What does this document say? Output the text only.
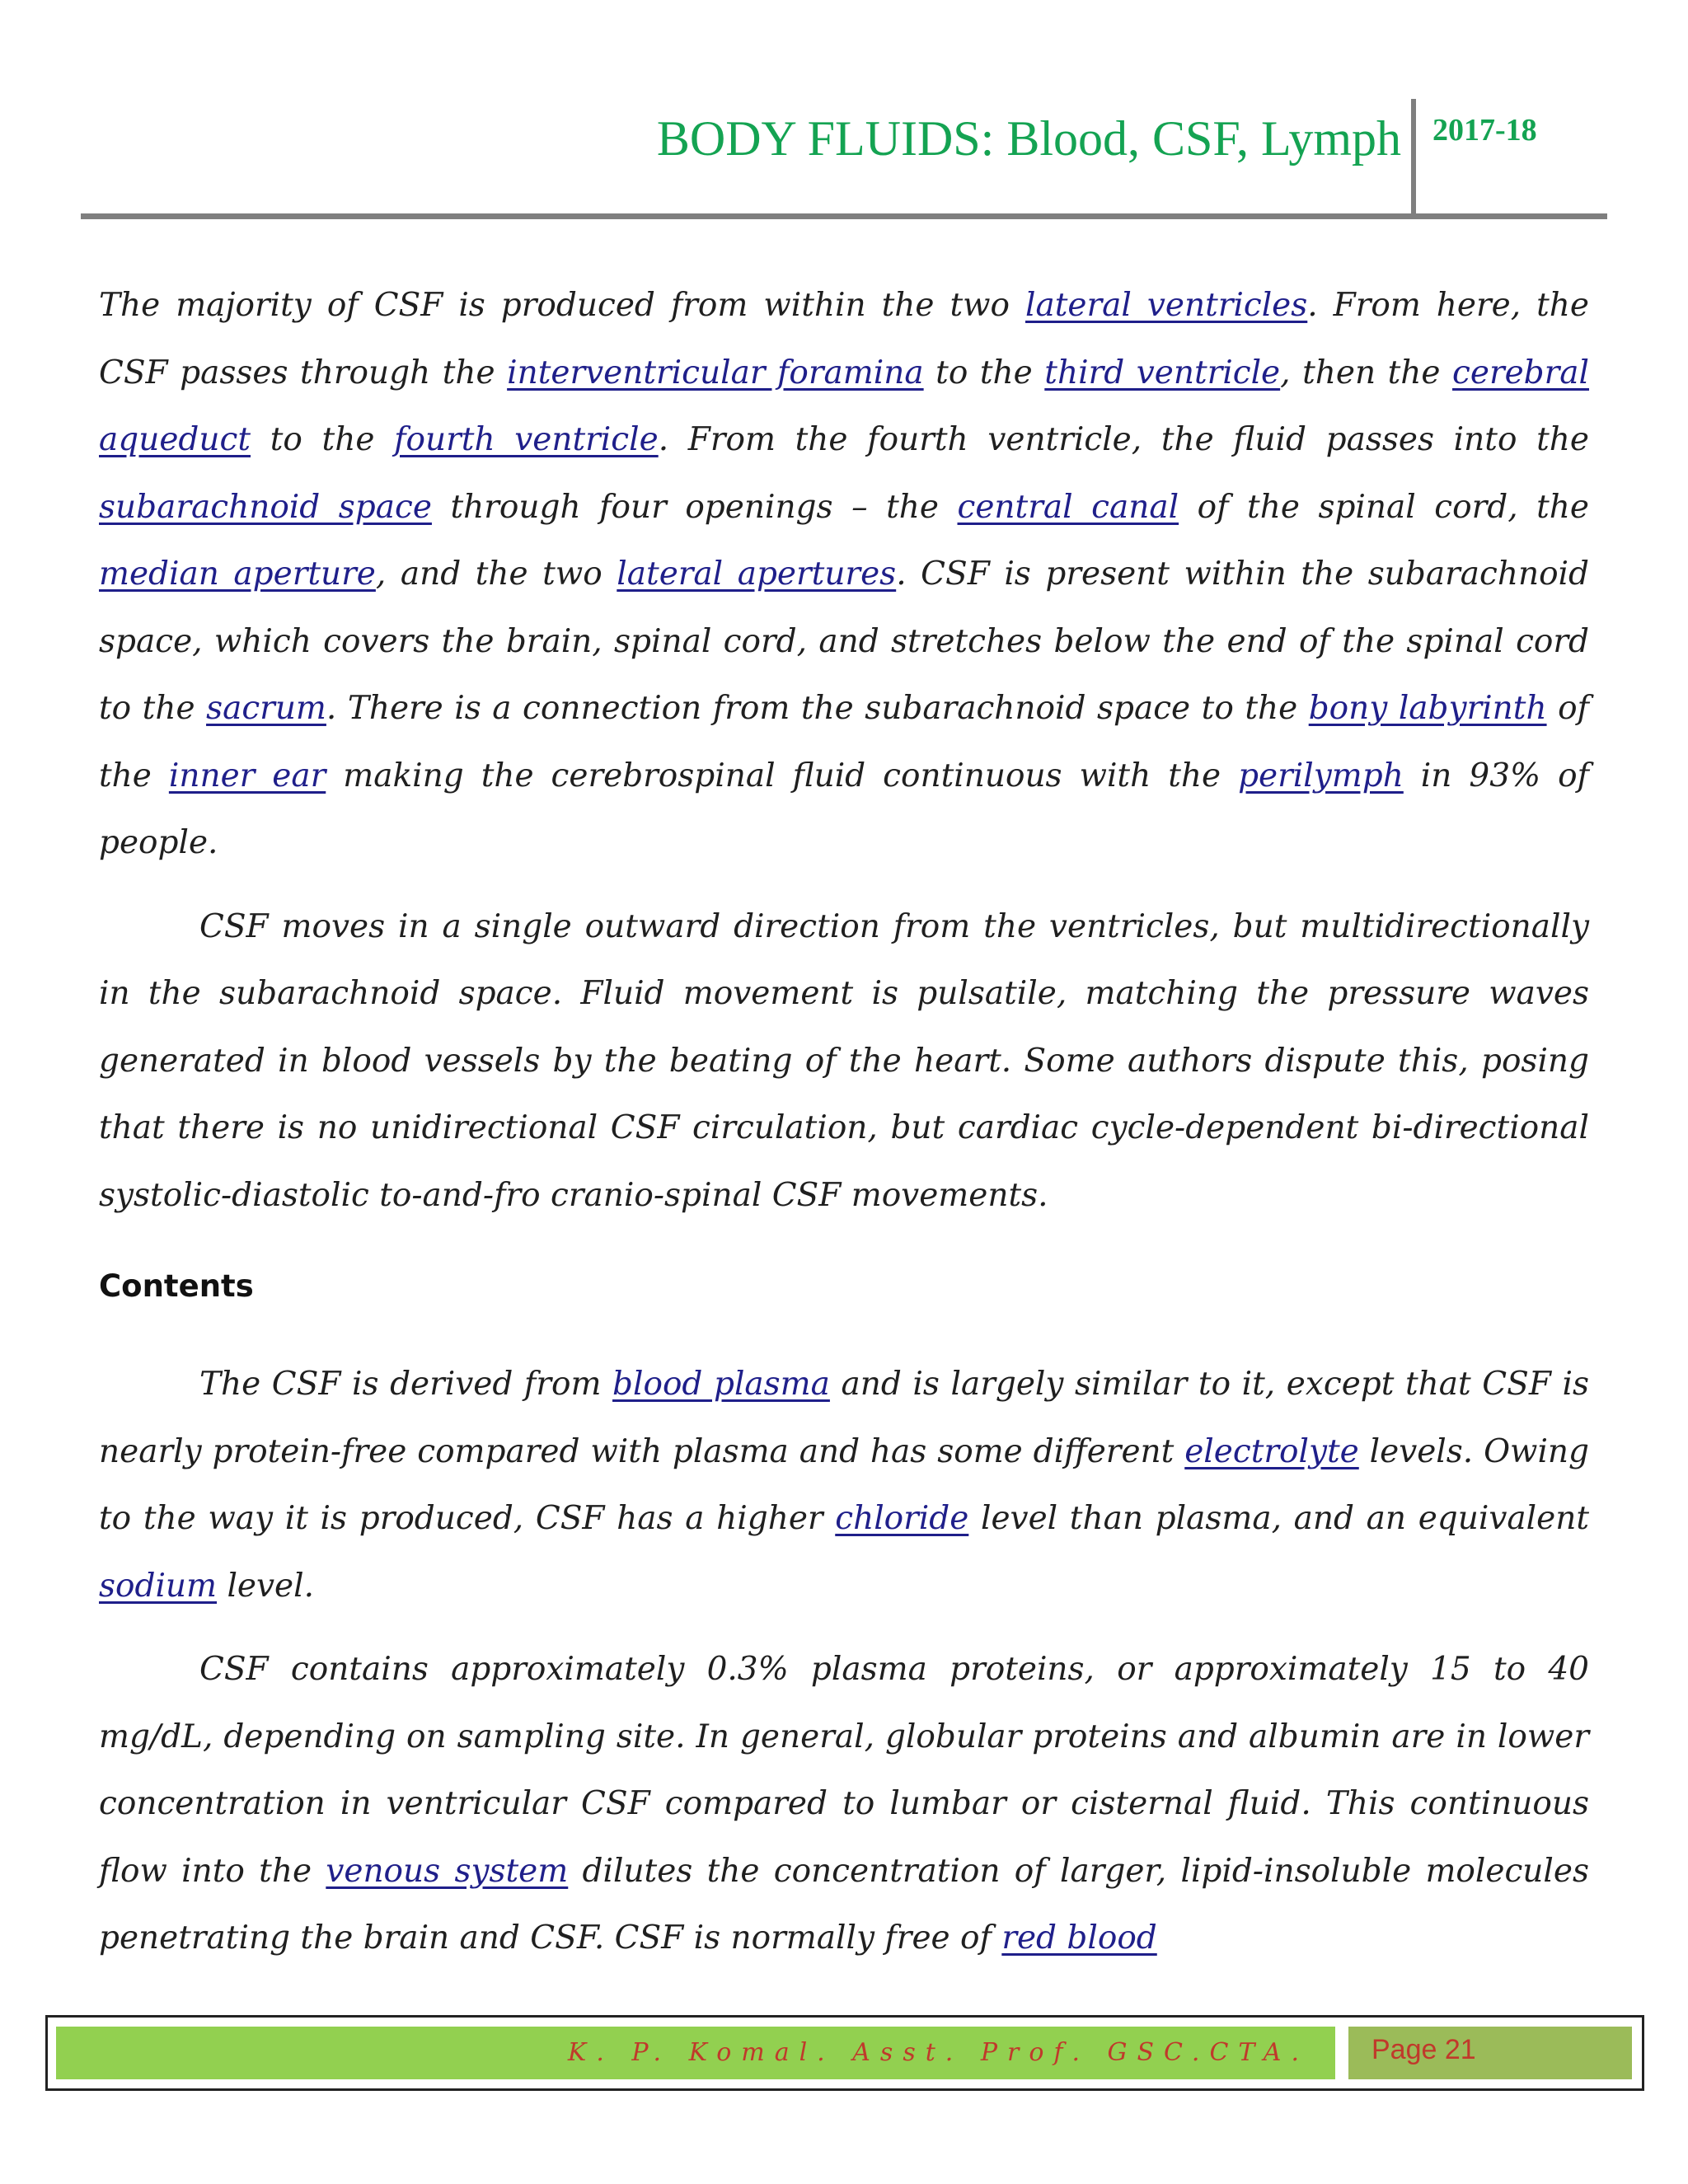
BODY FLUIDS: Blood, CSF, Lymph 2017-18

The majority of CSF is produced from within the two lateral ventricles. From here, the CSF passes through the interventricular foramina to the third ventricle, then the cerebral aqueduct to the fourth ventricle. From the fourth ventricle, the fluid passes into the subarachnoid space through four openings – the central canal of the spinal cord, the median aperture, and the two lateral apertures. CSF is present within the subarachnoid space, which covers the brain, spinal cord, and stretches below the end of the spinal cord to the sacrum. There is a connection from the subarachnoid space to the bony labyrinth of the inner ear making the cerebrospinal fluid continuous with the perilymph in 93% of people.

CSF moves in a single outward direction from the ventricles, but multidirectionally in the subarachnoid space. Fluid movement is pulsatile, matching the pressure waves generated in blood vessels by the beating of the heart. Some authors dispute this, posing that there is no unidirectional CSF circulation, but cardiac cycle-dependent bi-directional systolic-diastolic to-and-fro cranio-spinal CSF movements.

Contents

The CSF is derived from blood plasma and is largely similar to it, except that CSF is nearly protein-free compared with plasma and has some different electrolyte levels. Owing to the way it is produced, CSF has a higher chloride level than plasma, and an equivalent sodium level.

CSF contains approximately 0.3% plasma proteins, or approximately 15 to 40 mg/dL, depending on sampling site. In general, globular proteins and albumin are in lower concentration in ventricular CSF compared to lumbar or cisternal fluid. This continuous flow into the venous system dilutes the concentration of larger, lipid-insoluble molecules penetrating the brain and CSF. CSF is normally free of red blood

K. P. Komal. Asst. Prof. GSC.CTA.	Page 21
